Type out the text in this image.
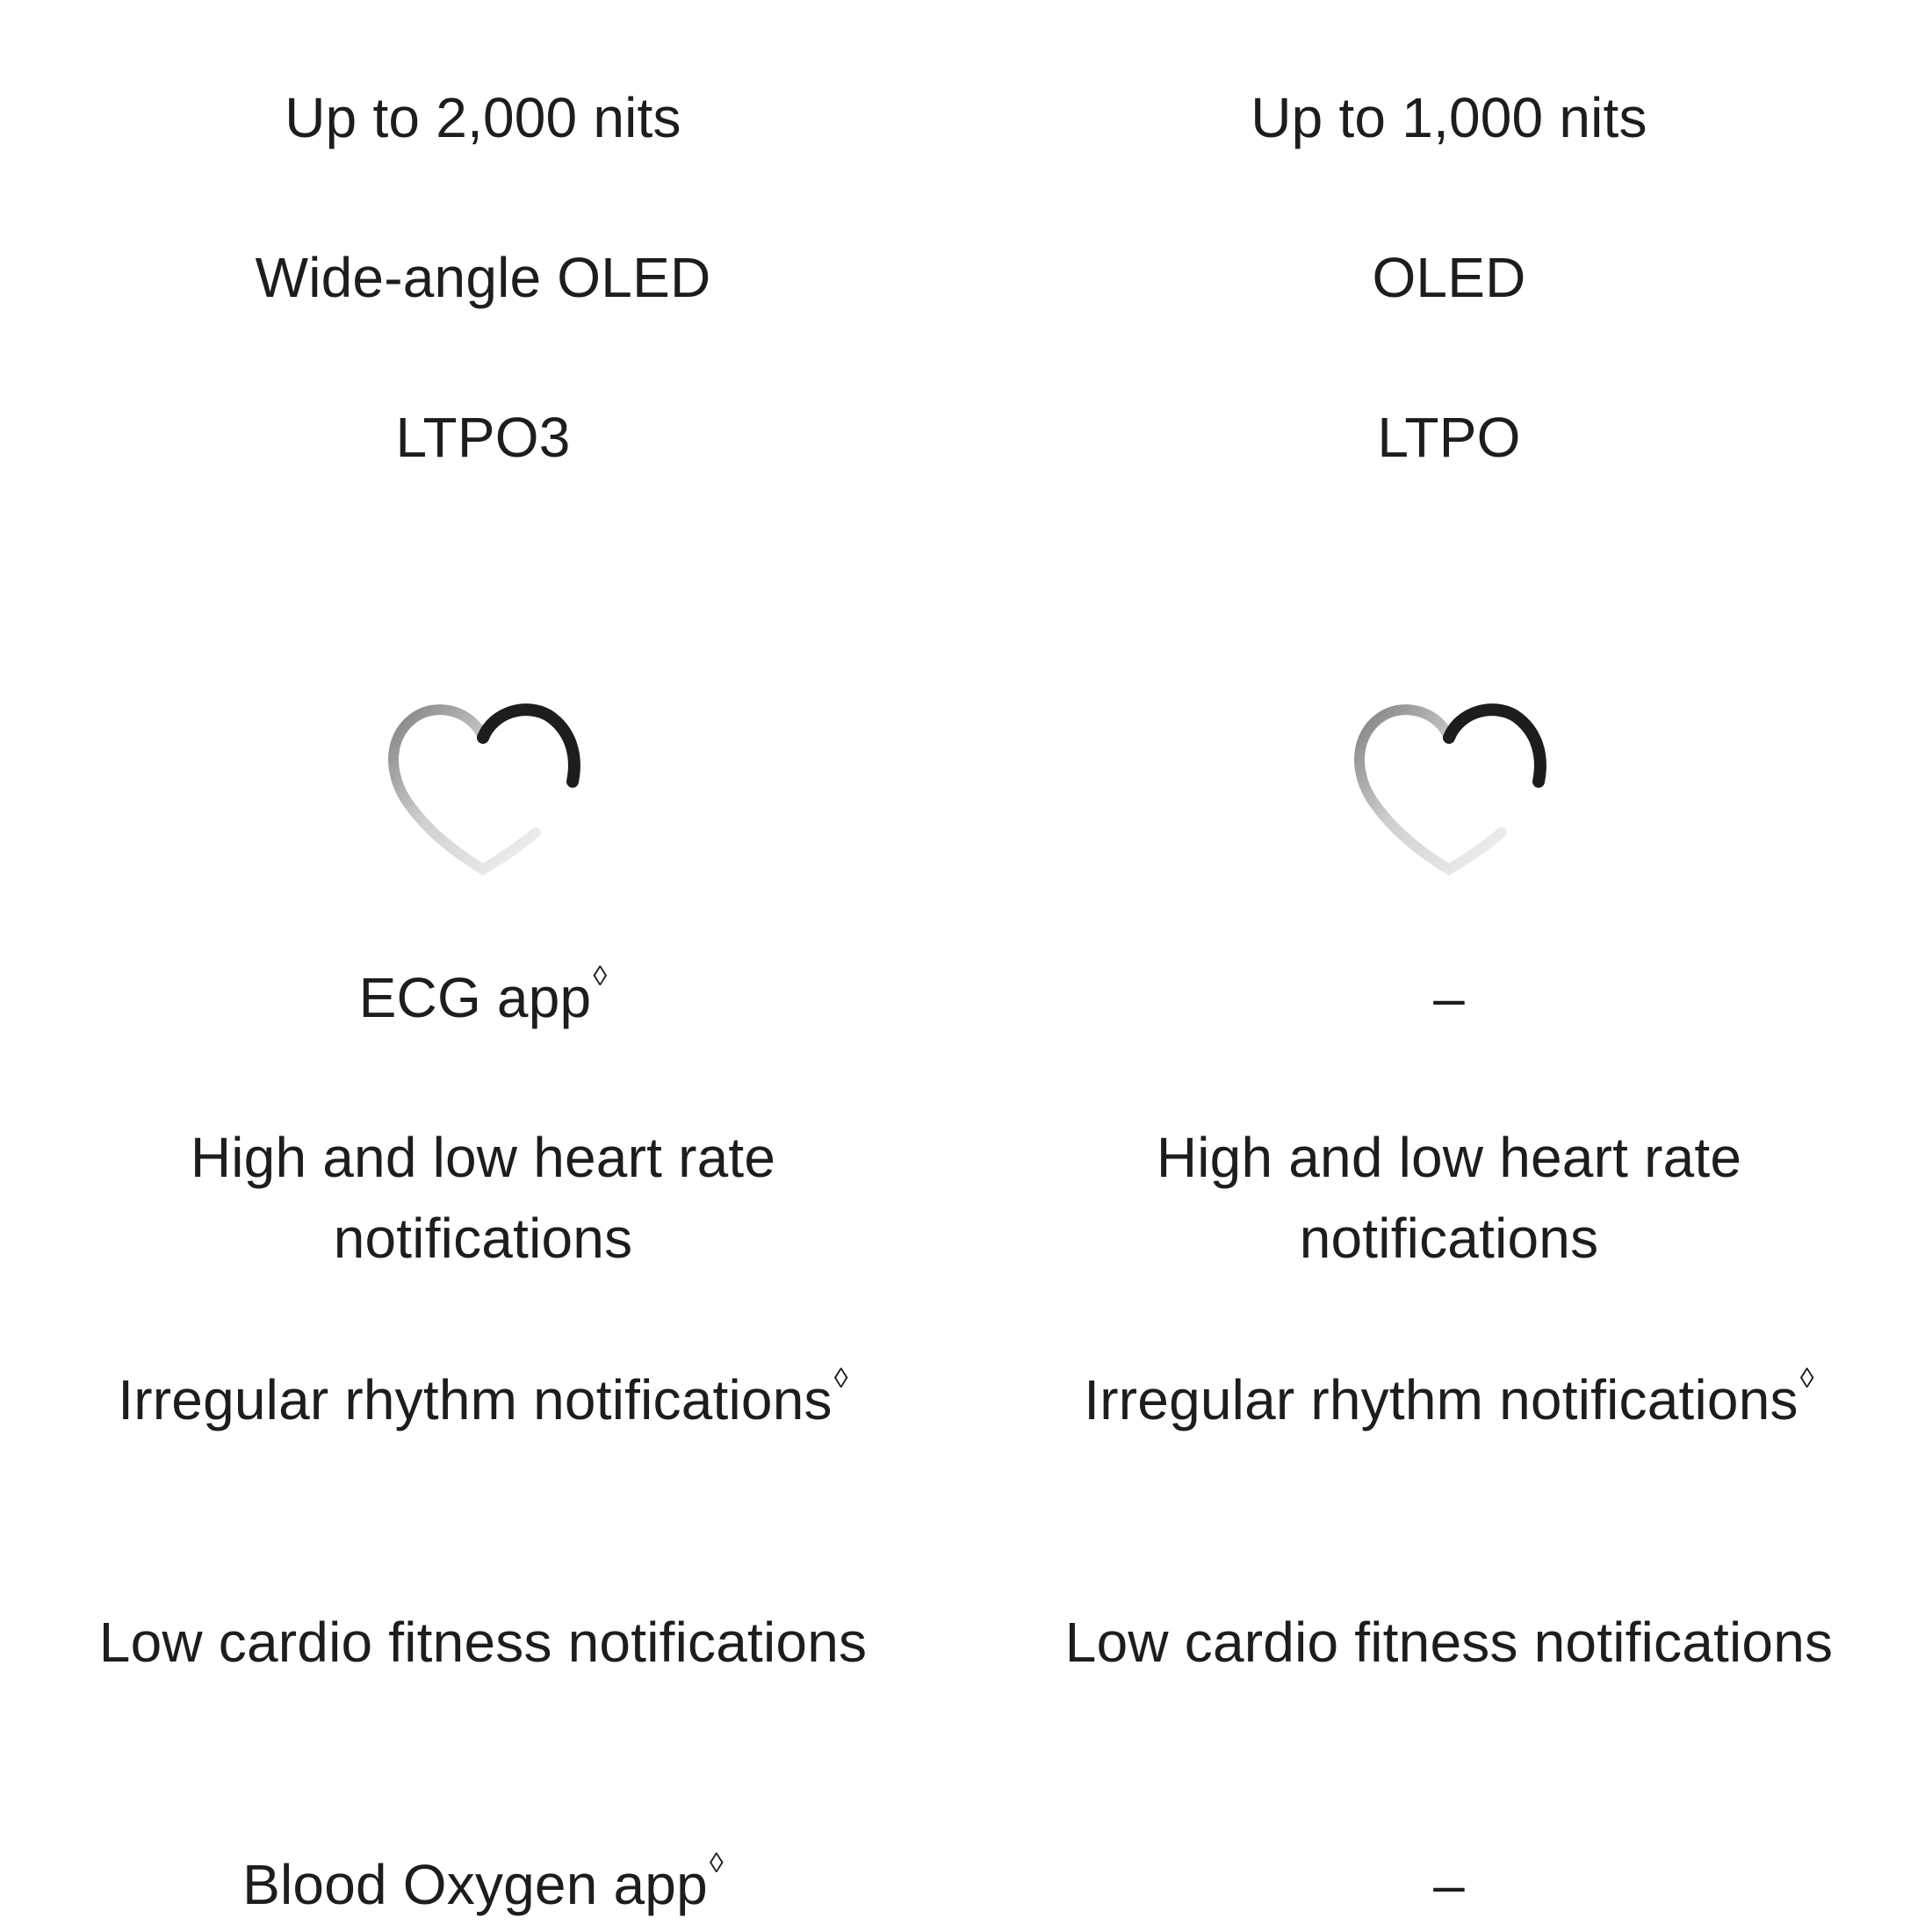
Up to 2,000 nits
Wide-angle OLED
LTPO3
ECG app◊
High and low heart rate notifications
Irregular rhythm notifications◊
Low cardio fitness notifications
Blood Oxygen app◊
Up to 1,000 nits
OLED
LTPO
–
High and low heart rate notifications
Irregular rhythm notifications◊
Low cardio fitness notifications
–
